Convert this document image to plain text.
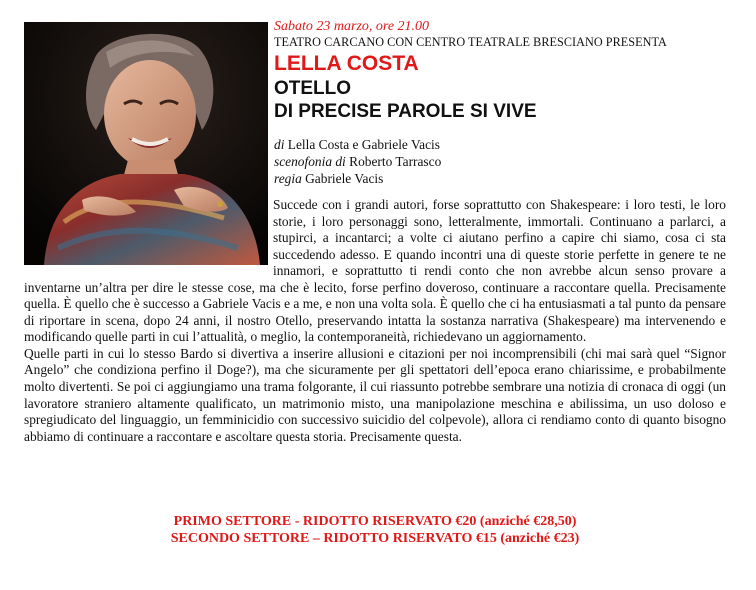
Sabato 23 marzo, ore 21.00
TEATRO CARCANO CON CENTRO TEATRALE BRESCIANO PRESENTA
LELLA COSTA
OTELLO
DI PRECISE PAROLE SI VIVE
di Lella Costa e Gabriele Vacis
scenofonia di Roberto Tarrasco
regia Gabriele Vacis

Succede con i grandi autori, forse soprattutto con Shakespeare: i loro testi, le loro storie, i loro personaggi sono, letteralmente, immortali. Continuano a parlarci, a stupirci, a incantarci; a volte ci aiutano perfino a capire chi siamo, cosa ci sta succedendo adesso. E quando incontri una di queste storie perfette in genere te ne innamori, e soprattutto ti rendi conto che non avrebbe alcun senso provare a inventarne un’altra per dire le stesse cose, ma che è lecito, forse perfino doveroso, continuare a raccontare quella. Precisamente quella. È quello che è successo a Gabriele Vacis e a me, e non una volta sola. È quello che ci ha entusiasmati a tal punto da pensare di riportare in scena, dopo 24 anni, il nostro Otello, preservando intatta la sostanza narrativa (Shakespeare) ma intervenendo e modificando quelle parti in cui l’attualità, o meglio, la contemporaneità, richiedevano un aggiornamento.

Quelle parti in cui lo stesso Bardo si divertiva a inserire allusioni e citazioni per noi incomprensibili (chi mai sarà quel “Signor Angelo” che condiziona perfino il Doge?), ma che sicuramente per gli spettatori dell’epoca erano chiarissime, e probabilmente molto divertenti. Se poi ci aggiungiamo una trama folgorante, il cui riassunto potrebbe sembrare una notizia di cronaca di oggi (un lavoratore straniero altamente qualificato, un matrimonio misto, una manipolazione meschina e abilissima, un uso doloso e spregiudicato del linguaggio, un femminicidio con successivo suicidio del colpevole), allora ci rendiamo conto di quanto bisogno abbiamo di continuare a raccontare e ascoltare questa storia. Precisamente questa.

PRIMO SETTORE - RIDOTTO RISERVATO €20 (anziché €28,50)
SECONDO SETTORE – RIDOTTO RISERVATO €15 (anziché €23)
